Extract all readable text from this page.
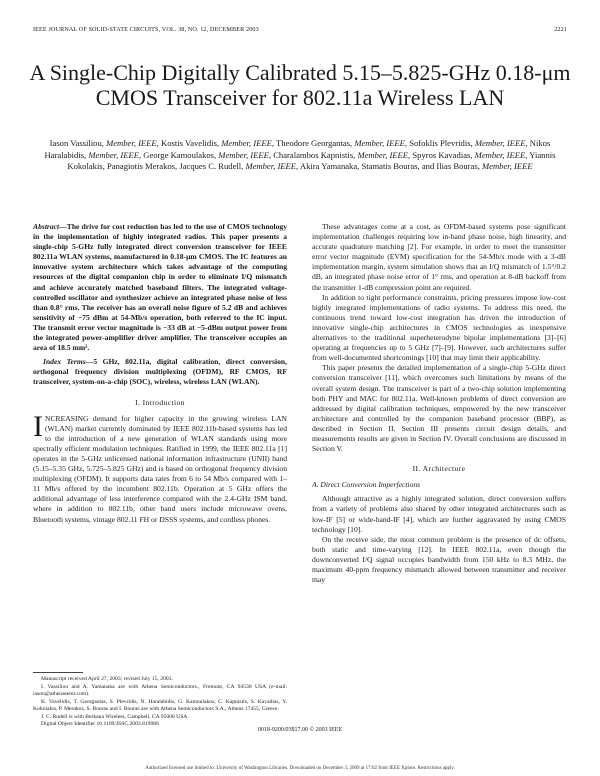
IEEE JOURNAL OF SOLID-STATE CIRCUITS, VOL. 38, NO. 12, DECEMBER 2003	2221
A Single-Chip Digitally Calibrated 5.15–5.825-GHz 0.18-μm CMOS Transceiver for 802.11a Wireless LAN
Iason Vassiliou, Member, IEEE, Kostis Vavelidis, Member, IEEE, Theodore Georgantas, Member, IEEE, Sofoklis Plevridis, Member, IEEE, Nikos Haralabidis, Member, IEEE, George Kamoulakos, Member, IEEE, Charalambos Kapnistis, Member, IEEE, Spyros Kavadias, Member, IEEE, Yiannis Kokolakis, Panagiotis Merakos, Jacques C. Rudell, Member, IEEE, Akira Yamanaka, Stamatis Bouras, and Ilias Bouras, Member, IEEE

Abstract—The drive for cost reduction has led to the use of CMOS technology in the implementation of highly integrated radios. This paper presents a single-chip 5-GHz fully integrated direct conversion transceiver for IEEE 802.11a WLAN systems, manufactured in 0.18-μm CMOS. The IC features an innovative system architecture which takes advantage of the computing resources of the digital companion chip in order to eliminate I/Q mismatch and achieve accurately matched baseband filters. The integrated voltage-controlled oscillator and synthesizer achieve an integrated phase noise of less than 0.8° rms. The receiver has an overall noise figure of 5.2 dB and achieves sensitivity of −75 dBm at 54-Mb/s operation, both referred to the IC input. The transmit error vector magnitude is −33 dB at −5-dBm output power from the integrated power-amplifier driver amplifier. The transceiver occupies an area of 18.5 mm².

Index Terms—5 GHz, 802.11a, digital calibration, direct conversion, orthogonal frequency division multiplexing (OFDM), RF CMOS, RF transceiver, system-on-a-chip (SOC), wireless, wireless LAN (WLAN).

I. Introduction

INCREASING demand for higher capacity in the growing wireless LAN (WLAN) market currently dominated by IEEE 802.11b-based systems has led to the introduction of a new generation of WLAN standards using more spectrally efficient modulation techniques. Ratified in 1999, the IEEE 802.11a [1] operates in the 5-GHz unlicensed national information infrastructure (UNII) band (5.15–5.35 GHz, 5.725–5.825 GHz) and is based on orthogonal frequency division multiplexing (OFDM). It supports data rates from 6 to 54 Mb/s compared with 1–11 Mb/s offered by the incumbent 802.11b. Operation at 5 GHz offers the additional advantage of less interference compared with the 2.4-GHz ISM band, where in addition to 802.11b, other band users include microwave ovens, Bluetooth systems, vintage 802.11 FH or DSSS systems, and cordless phones.

These advantages come at a cost, as OFDM-based systems pose significant implementation challenges requiring low in-band phase noise, high linearity, and accurate quadrature matching [2]. For example, in order to meet the transmitter error vector magnitude (EVM) specification for the 54-Mb/s mode with a 3-dB implementation margin, system simulation shows that an I/Q mismatch of 1.5°/0.2 dB, an integrated phase noise error of 1° rms, and operation at 8-dB backoff from the transmitter 1-dB compression point are required.

In addition to tight performance constraints, pricing pressures impose low-cost highly integrated implementations of radio systems. To address this need, the continuous trend toward low-cost integration has driven the introduction of innovative single-chip architectures in CMOS technologies as inexpensive alternatives to the traditional superheterodyne bipolar implementations [3]–[6] operating at frequencies up to 5 GHz [7]–[9]. However, such architectures suffer from well-documented shortcomings [10] that may limit their applicability.

This paper presents the detailed implementation of a single-chip 5-GHz direct conversion transceiver [11], which overcomes such limitations by means of the overall system design. The transceiver is part of a two-chip solution implementing both PHY and MAC for 802.11a. Well-known problems of direct conversion are addressed by digital calibration techniques, empowered by the new transceiver architecture and controlled by the companion baseband processor (BBP), as described in Section II. Section III presents circuit design details, and measurements results are given in Section IV. Overall conclusions are discussed in Section V.

II. Architecture

A. Direct Conversion Imperfections

Although attractive as a highly integrated solution, direct conversion suffers from a variety of problems also shared by other integrated architectures such as low-IF [5] or wide-band-IF [4], which are further aggravated by using CMOS technology [10].

On the receive side, the most common problem is the presence of dc offsets, both static and time-varying [12]. In IEEE 802.11a, even though the downconverted I/Q signal occupies bandwidth from 150 kHz to 8.3 MHz, the maximum 40-ppm frequency mismatch allowed between transmitter and receiver may

Manuscript received April 27, 2003; revised July 15, 2003.

I. Vassiliou and A. Yamanaka are with Athena Semiconductors., Fremont, CA 94538 USA (e-mail: iason@athenasemi.com).

K. Vavelidis, T. Georgantas, S. Plevridis, N. Haralabidis, G. Kamoulakos, C. Kapnistis, S. Kavadias, Y. Kokolakis, P. Merakos, S. Bouras and I. Bouras are with Athena Semiconductors S.A., Athens 17455, Greece.

J. C. Rudell is with Berkana Wireless, Campbell, CA 95008 USA.

Digital Object Identifier 10.1109/JSSC.2003.819086

0018-9200/03$17.00 © 2003 IEEE
Authorized licensed use limited to: University of Washington Libraries. Downloaded on December 3, 2009 at 17:02 from IEEE Xplore. Restrictions apply.
